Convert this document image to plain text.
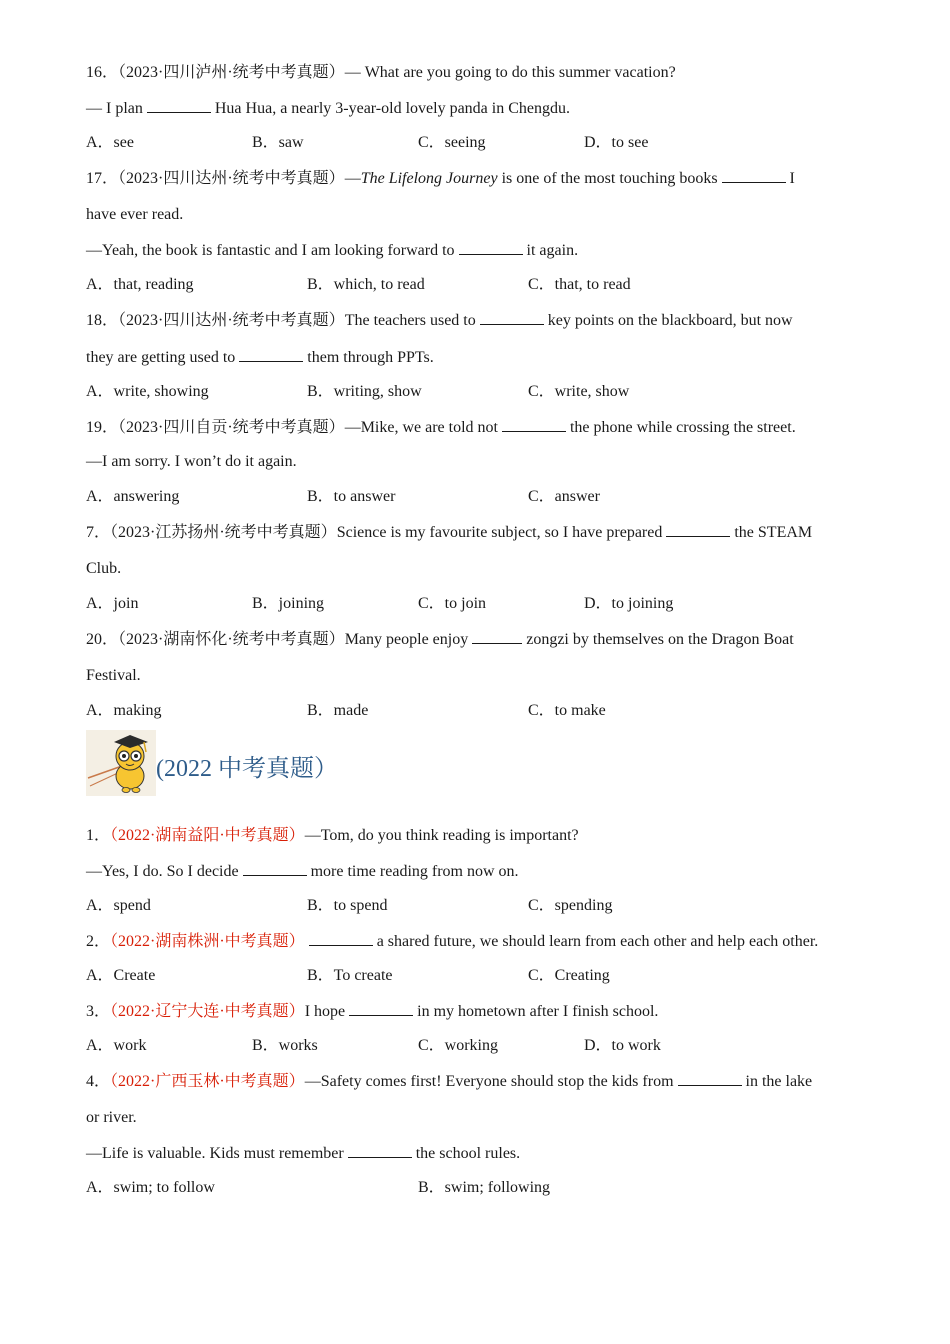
16．（2023·四川泸州·统考中考真题）— What are you going to do this summer vacation?
— I plan	Hua Hua, a nearly 3-year-old lovely panda in Chengdu.
A．see	B．saw	C．seeing	D．to see
17．（2023·四川达州·统考中考真题）—The Lifelong Journey is one of the most touching books	I
have ever read.
—Yeah, the book is fantastic and I am looking forward to	it again.
A．that, reading	B．which, to read	C．that, to read
18．（2023·四川达州·统考中考真题）The teachers used to	key points on the blackboard, but now
they are getting used to	them through PPTs.
A．write, showing	B．writing, show	C．write, show
19．（2023·四川自贡·统考中考真题）—Mike, we are told not	the phone while crossing the street.
—I am sorry. I won’t do it again.
A．answering	B．to answer	C．answer
7．（2023·江苏扬州·统考中考真题）Science is my favourite subject, so I have prepared	the STEAM
Club.
A．join	B．joining	C．to join	D．to joining
20．（2023·湖南怀化·统考中考真题）Many people enjoy	zongzi by themselves on the Dragon Boat
Festival.
A．making	B．made	C．to make
(2022 中考真题）
1．（2022·湖南益阳·中考真题）—Tom, do you think reading is important?
—Yes, I do. So I decide	more time reading from now on.
A．spend	B．to spend	C．spending
2．（2022·湖南株洲·中考真题）	a shared future, we should learn from each other and help each other.
A．Create	B．To create	C．Creating
3．（2022·辽宁大连·中考真题）I hope	in my hometown after I finish school.
A．work	B．works	C．working	D．to work
4．（2022·广西玉林·中考真题）—Safety comes first! Everyone should stop the kids from	in the lake
or river.
—Life is valuable. Kids must remember	the school rules.
A．swim; to follow	B．swim; following
